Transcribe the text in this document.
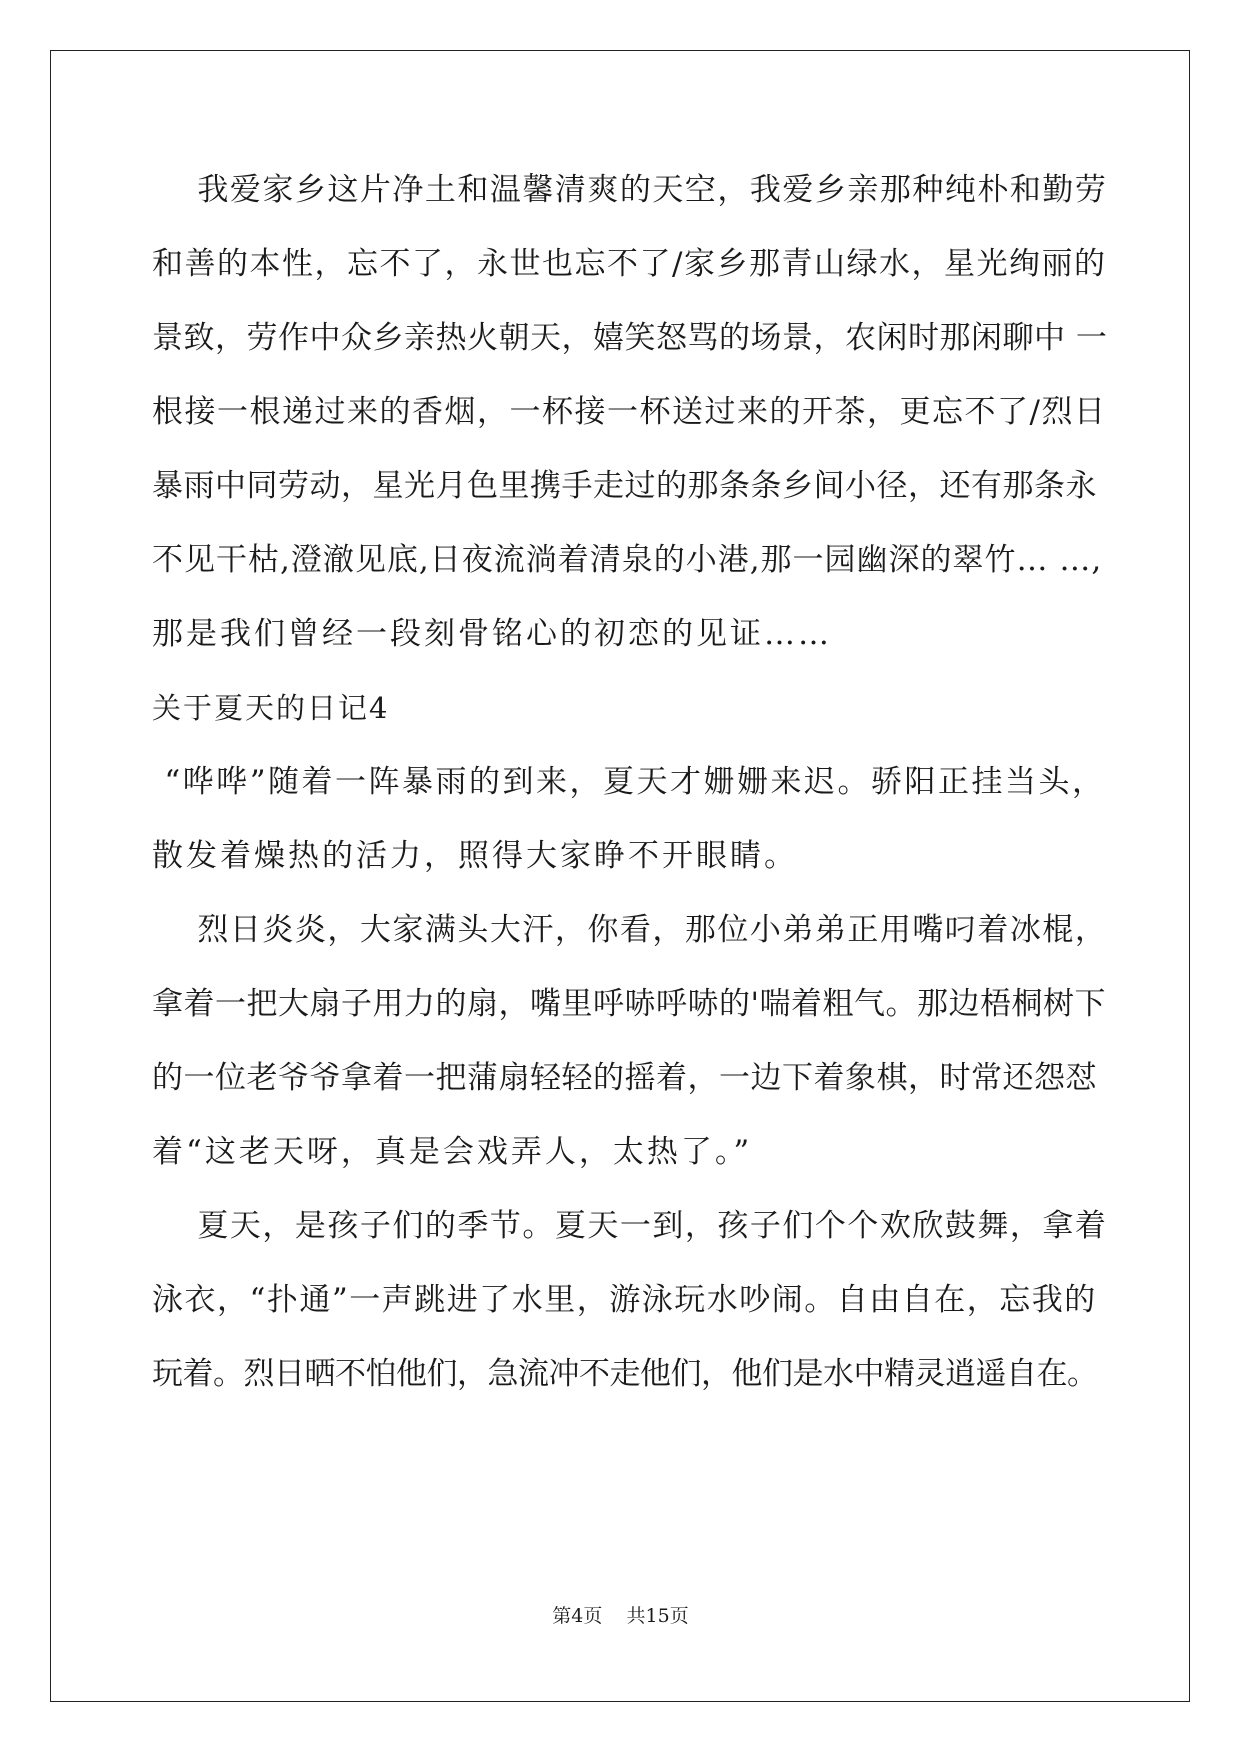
我爱家乡这片净土和温馨清爽的天空，我爱乡亲那种纯朴和勤劳
和善的本性，忘不了，永世也忘不了/家乡那青山绿水，星光绚丽的
景致，劳作中众乡亲热火朝天，嬉笑怒骂的场景，农闲时那闲聊中 一
根接一根递过来的香烟，一杯接一杯送过来的开茶，更忘不了/烈日
暴雨中同劳动，星光月色里携手走过的那条条乡间小径，还有那条永
不见干枯,澄澈见底,日夜流淌着清泉的小港,那一园幽深的翠竹… …,
那是我们曾经一段刻骨铭心的初恋的见证……
关于夏天的日记4
“哗哗”随着一阵暴雨的到来，夏天才姗姗来迟。骄阳正挂当头，
散发着燥热的活力，照得大家睁不开眼睛。
烈日炎炎，大家满头大汗，你看，那位小弟弟正用嘴叼着冰棍，
拿着一把大扇子用力的扇，嘴里呼哧呼哧的'喘着粗气。那边梧桐树下
的一位老爷爷拿着一把蒲扇轻轻的摇着，一边下着象棋，时常还怨怼
着“这老天呀，真是会戏弄人，太热了。”
夏天，是孩子们的季节。夏天一到，孩子们个个欢欣鼓舞，拿着
泳衣，“扑通”一声跳进了水里，游泳玩水吵闹。自由自在，忘我的
玩着。烈日晒不怕他们，急流冲不走他们，他们是水中精灵逍遥自在。
第4页    共15页
